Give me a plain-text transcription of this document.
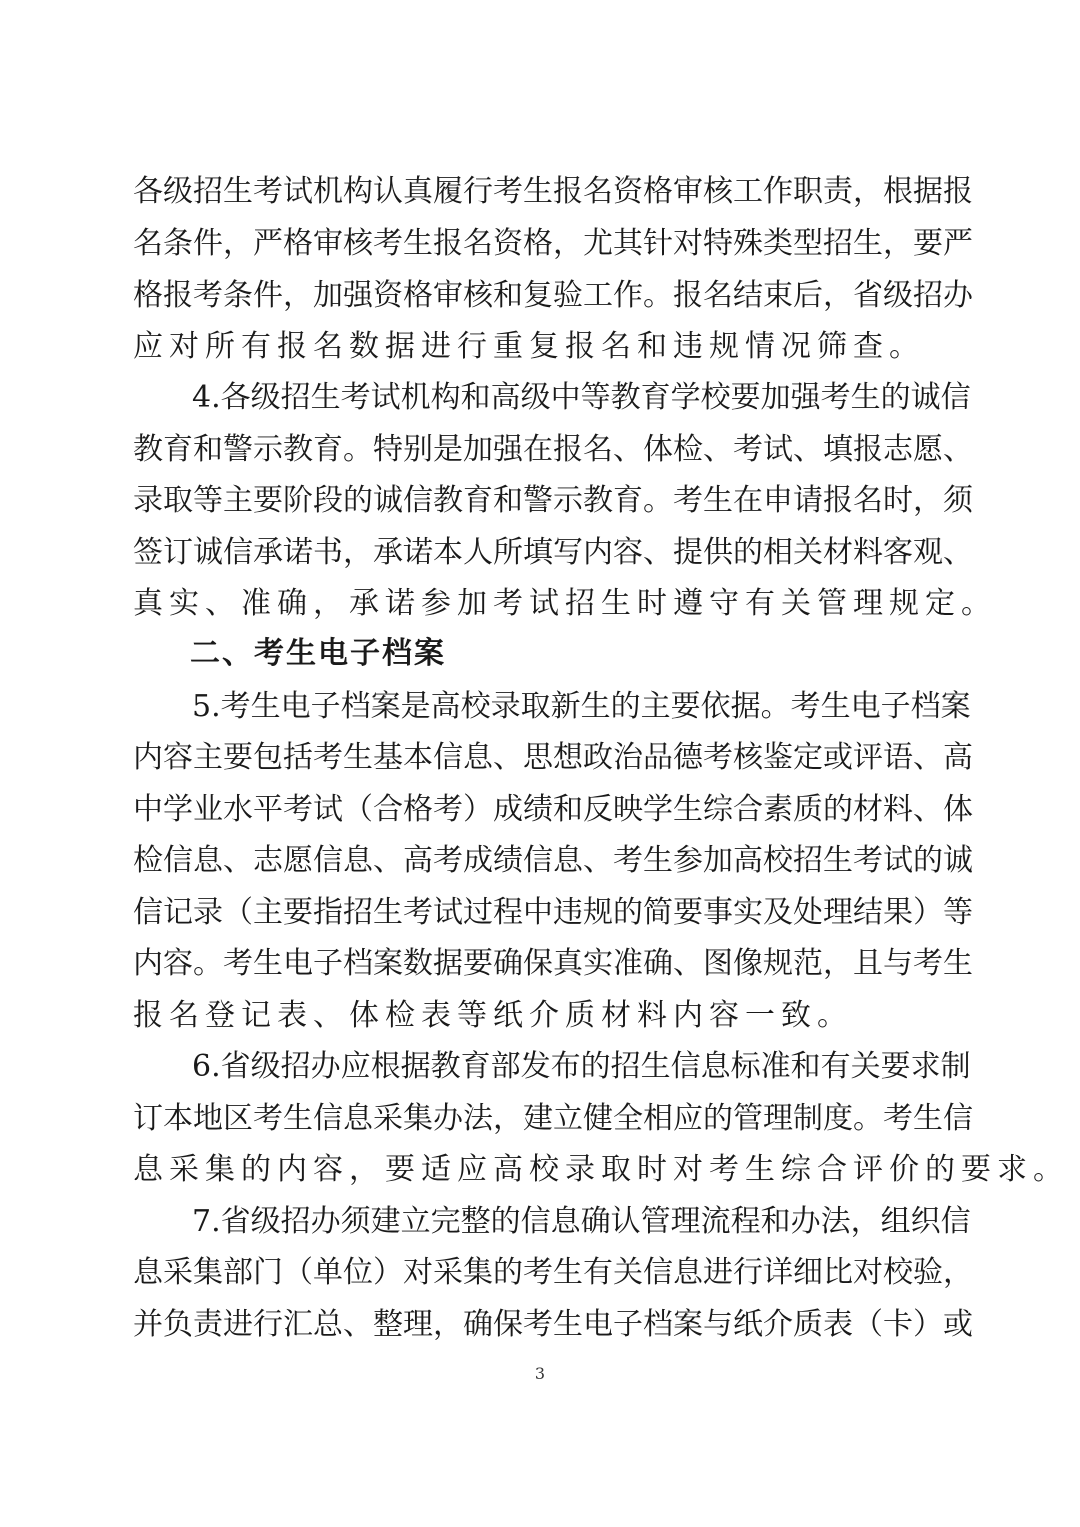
各级招生考试机构认真履行考生报名资格审核工作职责，根据报
名条件，严格审核考生报名资格，尤其针对特殊类型招生，要严
格报考条件，加强资格审核和复验工作。报名结束后，省级招办
应对所有报名数据进行重复报名和违规情况筛查。
4.各级招生考试机构和高级中等教育学校要加强考生的诚信
教育和警示教育。特别是加强在报名、体检、考试、填报志愿、
录取等主要阶段的诚信教育和警示教育。考生在申请报名时，须
签订诚信承诺书，承诺本人所填写内容、提供的相关材料客观、
真实、准确，承诺参加考试招生时遵守有关管理规定。
二、考生电子档案
5.考生电子档案是高校录取新生的主要依据。考生电子档案
内容主要包括考生基本信息、思想政治品德考核鉴定或评语、高
中学业水平考试（合格考）成绩和反映学生综合素质的材料、体
检信息、志愿信息、高考成绩信息、考生参加高校招生考试的诚
信记录（主要指招生考试过程中违规的简要事实及处理结果）等
内容。考生电子档案数据要确保真实准确、图像规范，且与考生
报名登记表、体检表等纸介质材料内容一致。
6.省级招办应根据教育部发布的招生信息标准和有关要求制
订本地区考生信息采集办法，建立健全相应的管理制度。考生信
息采集的内容，要适应高校录取时对考生综合评价的要求。
7.省级招办须建立完整的信息确认管理流程和办法，组织信
息采集部门（单位）对采集的考生有关信息进行详细比对校验，
并负责进行汇总、整理，确保考生电子档案与纸介质表（卡）或
3
